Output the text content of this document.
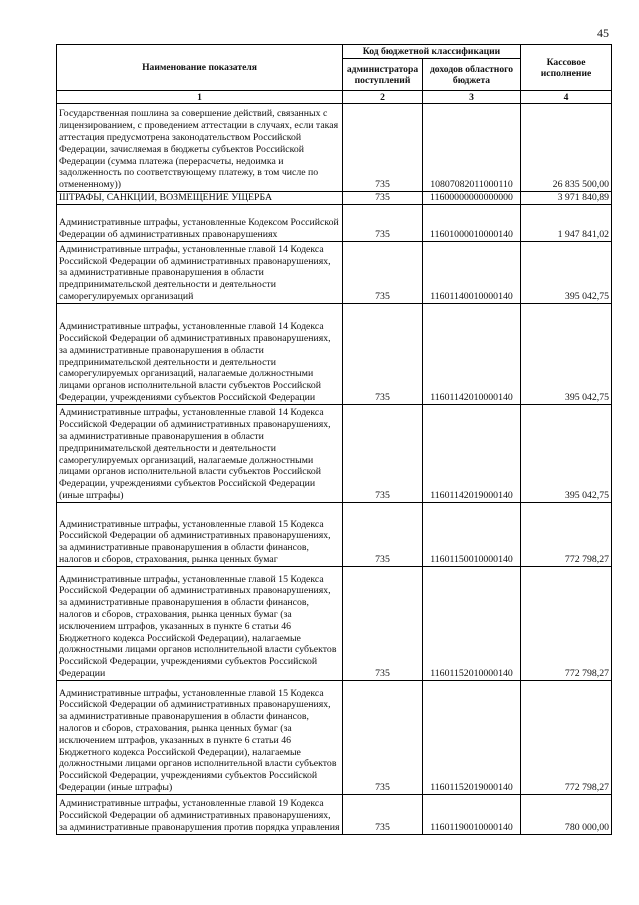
45
Наименование показателя	Код бюджетной классификации		Кассовое исполнение
	администратора поступлений	доходов областного бюджета	
1	2	3	4
Государственная пошлина за совершение действий, связанных с лицензированием, с проведением аттестации в случаях, если такая аттестация предусмотрена законодательством Российской Федерации, зачисляемая в бюджеты субъектов Российской Федерации (сумма платежа (перерасчеты, недоимка и задолженность по соответствующему платежу, в том числе по отмененному))	735	10807082011000110	26 835 500,00
ШТРАФЫ, САНКЦИИ, ВОЗМЕЩЕНИЕ УЩЕРБА	735	11600000000000000	3 971 840,89
Административные штрафы, установленные Кодексом Российской Федерации об административных правонарушениях	735	11601000010000140	1 947 841,02
Административные штрафы, установленные главой 14 Кодекса Российской Федерации об административных правонарушениях, за административные правонарушения в области предпринимательской деятельности и деятельности саморегулируемых организаций	735	11601140010000140	395 042,75
Административные штрафы, установленные главой 14 Кодекса Российской Федерации об административных правонарушениях, за административные правонарушения в области предпринимательской деятельности и деятельности саморегулируемых организаций, налагаемые должностными лицами органов исполнительной власти субъектов Российской Федерации, учреждениями субъектов Российской Федерации	735	11601142010000140	395 042,75
Административные штрафы, установленные главой 14 Кодекса Российской Федерации об административных правонарушениях, за административные правонарушения в области предпринимательской деятельности и деятельности саморегулируемых организаций, налагаемые должностными лицами органов исполнительной власти субъектов Российской Федерации, учреждениями субъектов Российской Федерации (иные штрафы)	735	11601142019000140	395 042,75
Административные штрафы, установленные главой 15 Кодекса Российской Федерации об административных правонарушениях, за административные правонарушения в области финансов, налогов и сборов, страхования, рынка ценных бумаг	735	11601150010000140	772 798,27
Административные штрафы, установленные главой 15 Кодекса Российской Федерации об административных правонарушениях, за административные правонарушения в области финансов, налогов и сборов, страхования, рынка ценных бумаг (за исключением штрафов, указанных в пункте 6 статьи 46 Бюджетного кодекса Российской Федерации), налагаемые должностными лицами органов исполнительной власти субъектов Российской Федерации, учреждениями субъектов Российской Федерации	735	11601152010000140	772 798,27
Административные штрафы, установленные главой 15 Кодекса Российской Федерации об административных правонарушениях, за административные правонарушения в области финансов, налогов и сборов, страхования, рынка ценных бумаг (за исключением штрафов, указанных в пункте 6 статьи 46 Бюджетного кодекса Российской Федерации), налагаемые должностными лицами органов исполнительной власти субъектов Российской Федерации, учреждениями субъектов Российской Федерации (иные штрафы)	735	11601152019000140	772 798,27
Административные штрафы, установленные главой 19 Кодекса Российской Федерации об административных правонарушениях, за административные правонарушения против порядка управления	735	11601190010000140	780 000,00
